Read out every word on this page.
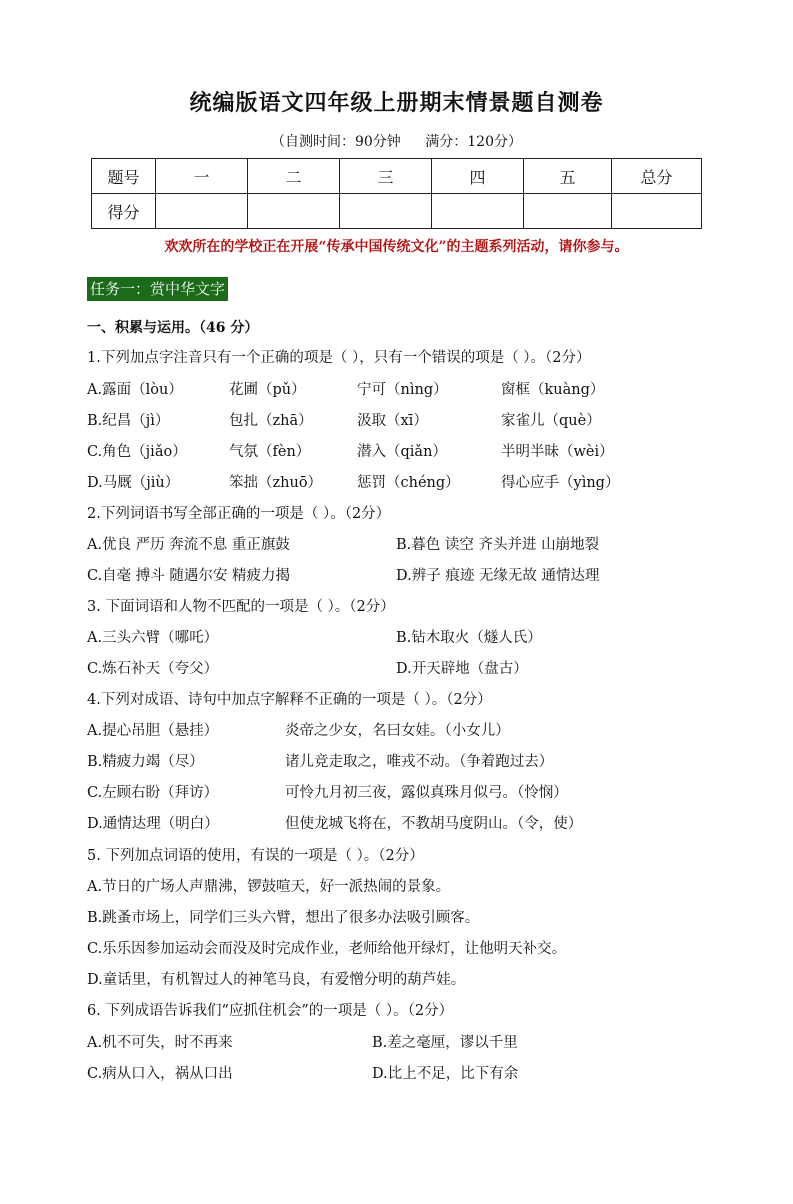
统编版语文四年级上册期末情景题自测卷
（自测时间：90分钟 满分：120分）
题号	一	二	三	四	五	总分
得分						
欢欢所在的学校正在开展“传承中国传统文化”的主题系列活动，请你参与。
任务一：赏中华文字
一、积累与运用。（46 分）
1.下列加点字注音只有一个正确的项是（ ），只有一个错误的项是（ ）。（2分）
A.露面（lòu）	花圃（pǔ）	宁可（nìng）	窗框（kuàng）
B.纪昌（jì）	包扎（zhā）	汲取（xī）	家雀儿（què）
C.角色（jiǎo）	气氛（fèn）	潜入（qiǎn）	半明半昧（wèi）
D.马厩（jiù）	笨拙（zhuō） 惩罚（chéng）	得心应手（yìng）
2.下列词语书写全部正确的一项是（ ）。（2分）
A.优良 严历 奔流不息 重正旗鼓	B.暮色 读空 齐头并进 山崩地裂
C.自毫 搏斗 随遇尔安 精疲力揭	D.辨子 痕迹 无缘无故 通情达理
3. 下面词语和人物不匹配的一项是（ ）。（2分）
A.三头六臂（哪吒）	B.钻木取火（燧人氏）
C.炼石补天（夸父）	D.开天辟地（盘古）
4.下列对成语、诗句中加点字解释不正确的一项是（ ）。（2分）
A.提心吊胆（悬挂）	炎帝之少女，名曰女娃。（小女儿）
B.精疲力竭（尽）	诸儿竞走取之，唯戎不动。（争着跑过去）
C.左顾右盼（拜访）	可怜九月初三夜，露似真珠月似弓。（怜悯）
D.通情达理（明白）	但使龙城飞将在，不教胡马度阴山。（令，使）
5. 下列加点词语的使用，有误的一项是（ ）。（2分）
A.节日的广场人声鼎沸，锣鼓喧天，好一派热闹的景象。
B.跳蚤市场上，同学们三头六臂，想出了很多办法吸引顾客。
C.乐乐因参加运动会而没及时完成作业，老师给他开绿灯，让他明天补交。
D.童话里，有机智过人的神笔马良，有爱憎分明的葫芦娃。
6. 下列成语告诉我们“应抓住机会”的一项是（ ）。（2分）
A.机不可失，时不再来	B.差之毫厘，谬以千里
C.病从口入，祸从口出	D.比上不足，比下有余
